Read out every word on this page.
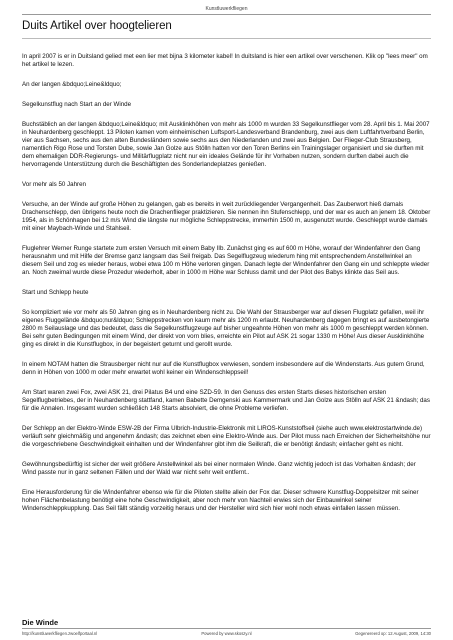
Kunstluwerkfliegen
Duits Artikel over hoogtelieren

In april 2007 is er in Duitsland gelied met een lier met bijna 3 kilometer kabel! In duitsland is hier een artikel over verschenen. Klik op "lees meer" om het artikel te lezen.

An der langen &bdquo;Leine&ldquo;

Segelkunstflug nach Start an der Winde

Buchstäblich an der langen &bdquo;Leine&ldquo; mit Ausklinkhöhen von mehr als 1000 m wurden 33 Segelkunstflieger vom 28. April bis 1. Mai 2007 in Neuhardenberg geschleppt. 13 Piloten kamen vom einheimischen Luftsport-Landesverband Brandenburg, zwei aus dem Luftfahrtverband Berlin, vier aus Sachsen, sechs aus den alten Bundesländern sowie sechs aus den Niederlanden und zwei aus Belgien. Der Flieger-Club Strausberg, namentlich Rigo Rose und Torsten Dube, sowie Jan Golze aus Stölln hatten vor den Toren Berlins ein Trainingslager organisiert und sie durften mit dem ehemaligen DDR-Regierungs- und Militärflugplatz nicht nur ein ideales Gelände für ihr Vorhaben nutzen, sondern durften dabei auch die hervorragende Unterstützung durch die Beschäftigten des Sonderlandeplatzes genießen.

Vor mehr als 50 Jahren

Versuche, an der Winde auf große Höhen zu gelangen, gab es bereits in weit zurückliegender Vergangenheit. Das Zauberwort hieß damals Drachenschlepp, den übrigens heute noch die Drachenflieger praktizieren. Sie nennen ihn Stufenschlepp, und der war es auch an jenem 18. Oktober 1954, als in Schönhagen bei 12 m/s Wind die längste nur mögliche Schleppstrecke, immerhin 1500 m, ausgenutzt wurde. Geschleppt wurde damals mit einer Maybach-Winde und Stahlseil.

Fluglehrer Werner Runge startete zum ersten Versuch mit einem Baby IIb. Zunächst ging es auf 600 m Höhe, worauf der Windenfahrer den Gang herausnahm und mit Hilfe der Bremse ganz langsam das Seil freigab. Das Segelflugzeug wiederum hing mit entsprechendem Anstellwinkel an diesem Seil und zog es wieder heraus, wobei etwa 100 m Höhe verloren gingen. Danach legte der Windenfahrer den Gang ein und schleppte wieder an. Noch zweimal wurde diese Prozedur wiederholt, aber in 1000 m Höhe war Schluss damit und der Pilot des Babys klinkte das Seil aus.

Start und Schlepp heute

So kompliziert wie vor mehr als 50 Jahren ging es in Neuhardenberg nicht zu. Die Wahl der Strausberger war auf diesen Flugplatz gefallen, weil ihr eigenes Fluggelände &bdquo;nur&ldquo; Schleppstrecken von kaum mehr als 1200 m erlaubt. Neuhardenberg dagegen bringt es auf ausbetongierte 2800 m Seilauslage und das bedeutet, dass die Segelkunstflugzeuge auf bisher ungeahnte Höhen von mehr als 1000 m geschleppt werden können. Bei sehr guten Bedingungen mit einem Wind, der direkt von vorn blies, erreichte ein Pilot auf ASK 21 sogar 1330 m Höhe! Aus dieser Ausklinkhöhe ging es direkt in die Kunstflugbox, in der begeistert geturnt und gerollt wurde.

In einem NOTAM hatten die Strausberger nicht nur auf die Kunstflugbox verwiesen, sondern insbesondere auf die Windenstarts. Aus gutem Grund, denn in Höhen von 1000 m oder mehr erwartet wohl keiner ein Windenschleppseil!

Am Start waren zwei Fox, zwei ASK 21, drei Pilatus B4 und eine SZD-59. In den Genuss des ersten Starts dieses historischen ersten Segelflugbetriebes, der in Neuhardenberg stattfand, kamen Babette Demgenski aus Kammermark und Jan Golze aus Stölln auf ASK 21 &ndash; das für die Annalen. Insgesamt wurden schließlich 148 Starts absolviert, die ohne Probleme verliefen.

Der Schlepp an der Elektro-Winde ESW-2B der Firma Ulbrich-Industrie-Elektronik mit LIROS-Kunststoffseil (siehe auch www.elektrostartwinde.de) verläuft sehr gleichmäßig und angenehm &ndash; das zeichnet eben eine Elektro-Winde aus. Der Pilot muss nach Erreichen der Sicherheitshöhe nur die vorgeschriebene Geschwindigkeit einhalten und der Windenfahrer gibt ihm die Seilkraft, die er benötigt &ndash; einfacher geht es nicht.

Gewöhnungsbedürftig ist sicher der weit größere Anstellwinkel als bei einer normalen Winde. Ganz wichtig jedoch ist das Vorhalten &ndash; der Wind passte nur in ganz seltenen Fällen und der Wald war nicht sehr weit entfernt..

Eine Herausforderung für die Windenfahrer ebenso wie für die Piloten stellte allein der Fox dar. Dieser schwere Kunstflug-Doppelsitzer mit seiner hohen Flächenbelastung benötigt eine hohe Geschwindigkeit, aber noch mehr von Nachteil erwies sich der Einbauwinkel seiner Windenschleppkupplung. Das Seil fällt ständig vorzeitig heraus und der Hersteller wird sich hier wohl noch etwas einfallen lassen müssen.

Die Winde
http://kunstluwerkfliegen.zwoelfportaal.nl	Powered by www.skoszy.nl	Gegenereerd op: 12 August, 2009, 14:30
